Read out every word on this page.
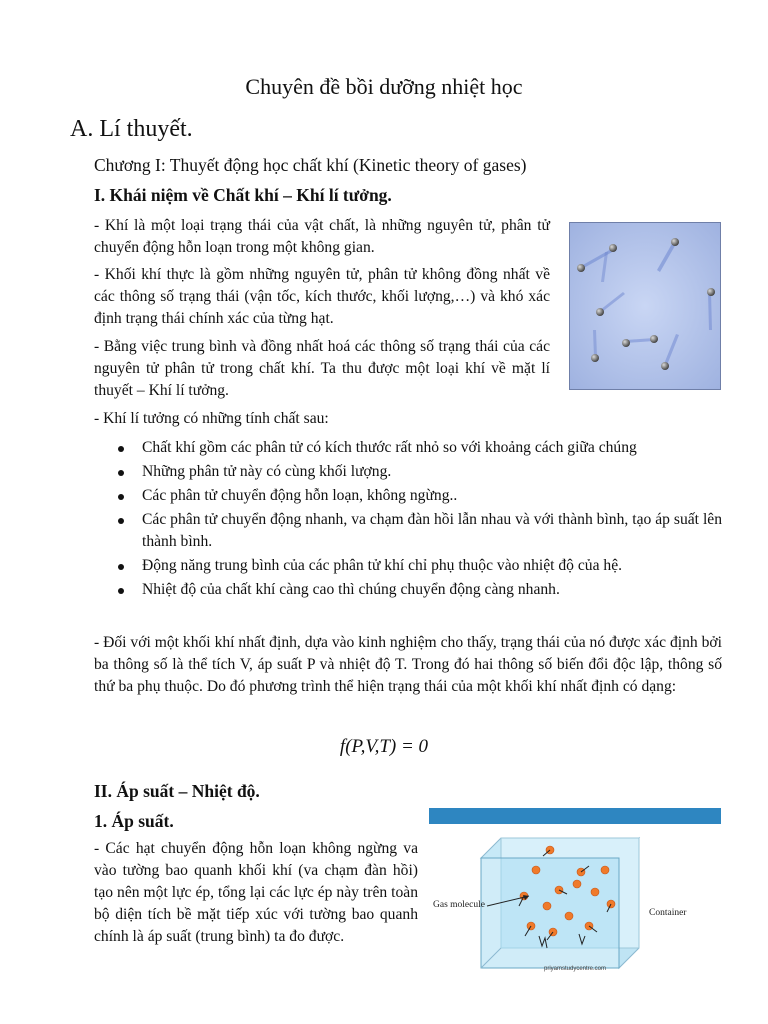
Chuyên đề bồi dưỡng nhiệt học
A. Lí thuyết.
Chương I: Thuyết động học chất khí (Kinetic theory of gases)
I. Khái niệm về Chất khí – Khí lí tưởng.
- Khí là một loại trạng thái của vật chất, là những nguyên tử, phân tử chuyển động hỗn loạn trong một không gian.
- Khối khí thực là gồm những nguyên tử, phân tử không đồng nhất về các thông số trạng thái (vận tốc, kích thước, khối lượng,…) và khó xác định trạng thái chính xác của từng hạt.
- Bằng việc trung bình và đồng nhất hoá các thông số trạng thái của các nguyên tử phân tử trong chất khí. Ta thu được một loại khí về mặt lí thuyết – Khí lí tưởng.
- Khí lí tưởng có những tính chất sau:
Chất khí gồm các phân tử có kích thước rất nhỏ so với khoảng cách giữa chúng
Những phân tử này có cùng khối lượng.
Các phân tử chuyển động hỗn loạn, không ngừng..
Các phân tử chuyển động nhanh, va chạm đàn hồi lẫn nhau và với thành bình, tạo áp suất lên thành bình.
Động năng trung bình của các phân tử khí chỉ phụ thuộc vào nhiệt độ của hệ.
Nhiệt độ của chất khí càng cao thì chúng chuyển động càng nhanh.
- Đối với một khối khí nhất định, dựa vào kinh nghiệm cho thấy, trạng thái của nó được xác định bởi ba thông số là thể tích V, áp suất P và nhiệt độ T. Trong đó hai thông số biến đổi độc lập, thông số thứ ba phụ thuộc. Do đó phương trình thể hiện trạng thái của một khối khí nhất định có dạng:
f(P,V,T) = 0
II. Áp suất – Nhiệt độ.
1. Áp suất.
- Các hạt chuyển động hỗn loạn không ngừng va vào tường bao quanh khối khí (va chạm đàn hồi) tạo nên một lực ép, tổng lại các lực ép này trên toàn bộ diện tích bề mặt tiếp xúc với tường bao quanh chính là áp suất (trung bình) ta đo được.
Gas molecule
Container
priyamstudycentre.com
